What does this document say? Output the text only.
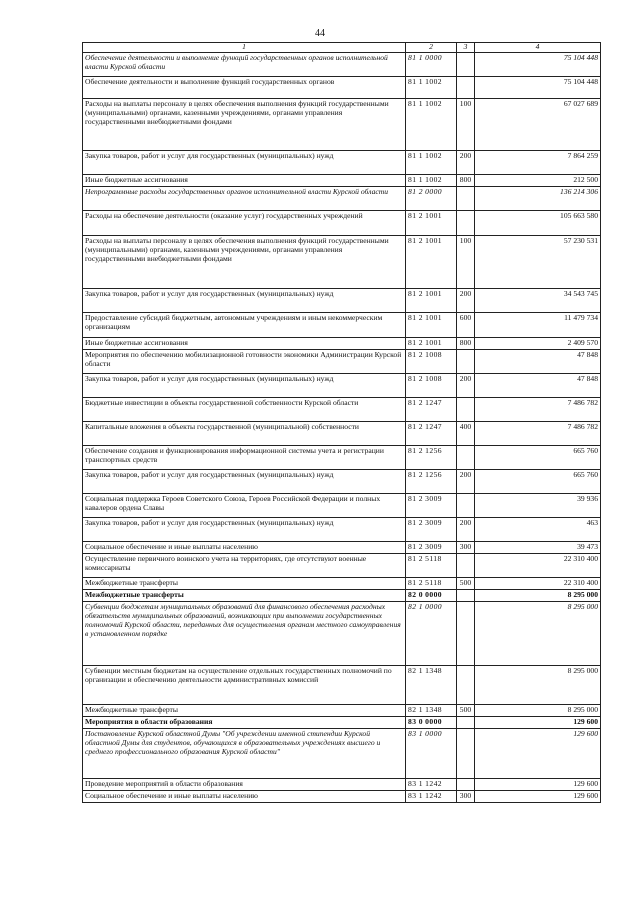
44
1	2	3	4
Обеспечение деятельности и выполнение функций государственных органов исполнительной власти Курской области	81 1 0000		75 104 448
Обеспечение деятельности и выполнение функций государственных органов	81 1 1002		75 104 448
Расходы на выплаты персоналу в целях обеспечения выполнения функций государственными (муниципальными) органами, казенными учреждениями, органами управления государственными внебюджетными фондами	81 1 1002	100	67 027 689
Закупка товаров, работ и услуг для государственных (муниципальных) нужд	81 1 1002	200	7 864 259
Иные бюджетные ассигнования	81 1 1002	800	212 500
Непрограммные расходы государственных органов исполнительной власти Курской области	81 2 0000		136 214 306
Расходы на обеспечение деятельности (оказание услуг) государственных учреждений	81 2 1001		105 663 580
Расходы на выплаты персоналу в целях обеспечения выполнения функций государственными (муниципальными) органами, казенными учреждениями, органами управления государственными внебюджетными фондами	81 2 1001	100	57 230 531
Закупка товаров, работ и услуг для государственных (муниципальных) нужд	81 2 1001	200	34 543 745
Предоставление субсидий бюджетным, автономным учреждениям и иным некоммерческим организациям	81 2 1001	600	11 479 734
Иные бюджетные ассигнования	81 2 1001	800	2 409 570
Мероприятия по обеспечению мобилизационной готовности экономики Администрации Курской области	81 2 1008		47 848
Закупка товаров, работ и услуг для государственных (муниципальных) нужд	81 2 1008	200	47 848
Бюджетные инвестиции в объекты государственной собственности Курской области	81 2 1247		7 486 782
Капитальные вложения в объекты государственной (муниципальной) собственности	81 2 1247	400	7 486 782
Обеспечение создания и функционирования информационной системы учета и регистрации транспортных средств	81 2 1256		665 760
Закупка товаров, работ и услуг для государственных (муниципальных) нужд	81 2 1256	200	665 760
Социальная поддержка Героев Советского Союза, Героев Российской Федерации и полных кавалеров ордена Славы	81 2 3009		39 936
Закупка товаров, работ и услуг для государственных (муниципальных) нужд	81 2 3009	200	463
Социальное обеспечение и иные выплаты населению	81 2 3009	300	39 473
Осуществление первичного воинского учета на территориях, где отсутствуют военные комиссариаты	81 2 5118		22 310 400
Межбюджетные трансферты	81 2 5118	500	22 310 400
Межбюджетные трансферты	82 0 0000		8 295 000
Субвенции бюджетам муниципальных образований для финансового обеспечения расходных обязательств муниципальных образований, возникающих при выполнении государственных полномочий Курской области, переданных для осуществления органам местного самоуправления в установленном порядке	82 1 0000		8 295 000
Субвенции местным бюджетам на осуществление отдельных государственных полномочий по организации и обеспечению деятельности административных комиссий	82 1 1348		8 295 000
Межбюджетные трансферты	82 1 1348	500	8 295 000
Мероприятия в области образования	83 0 0000		129 600
Постановление Курской областной Думы "Об учреждении именной стипендии Курской областной Думы для студентов, обучающихся в образовательных учреждениях высшего и среднего профессионального образования Курской области"	83 1 0000		129 600
Проведение мероприятий в области образования	83 1 1242		129 600
Социальное обеспечение и иные выплаты населению	83 1 1242	300	129 600
